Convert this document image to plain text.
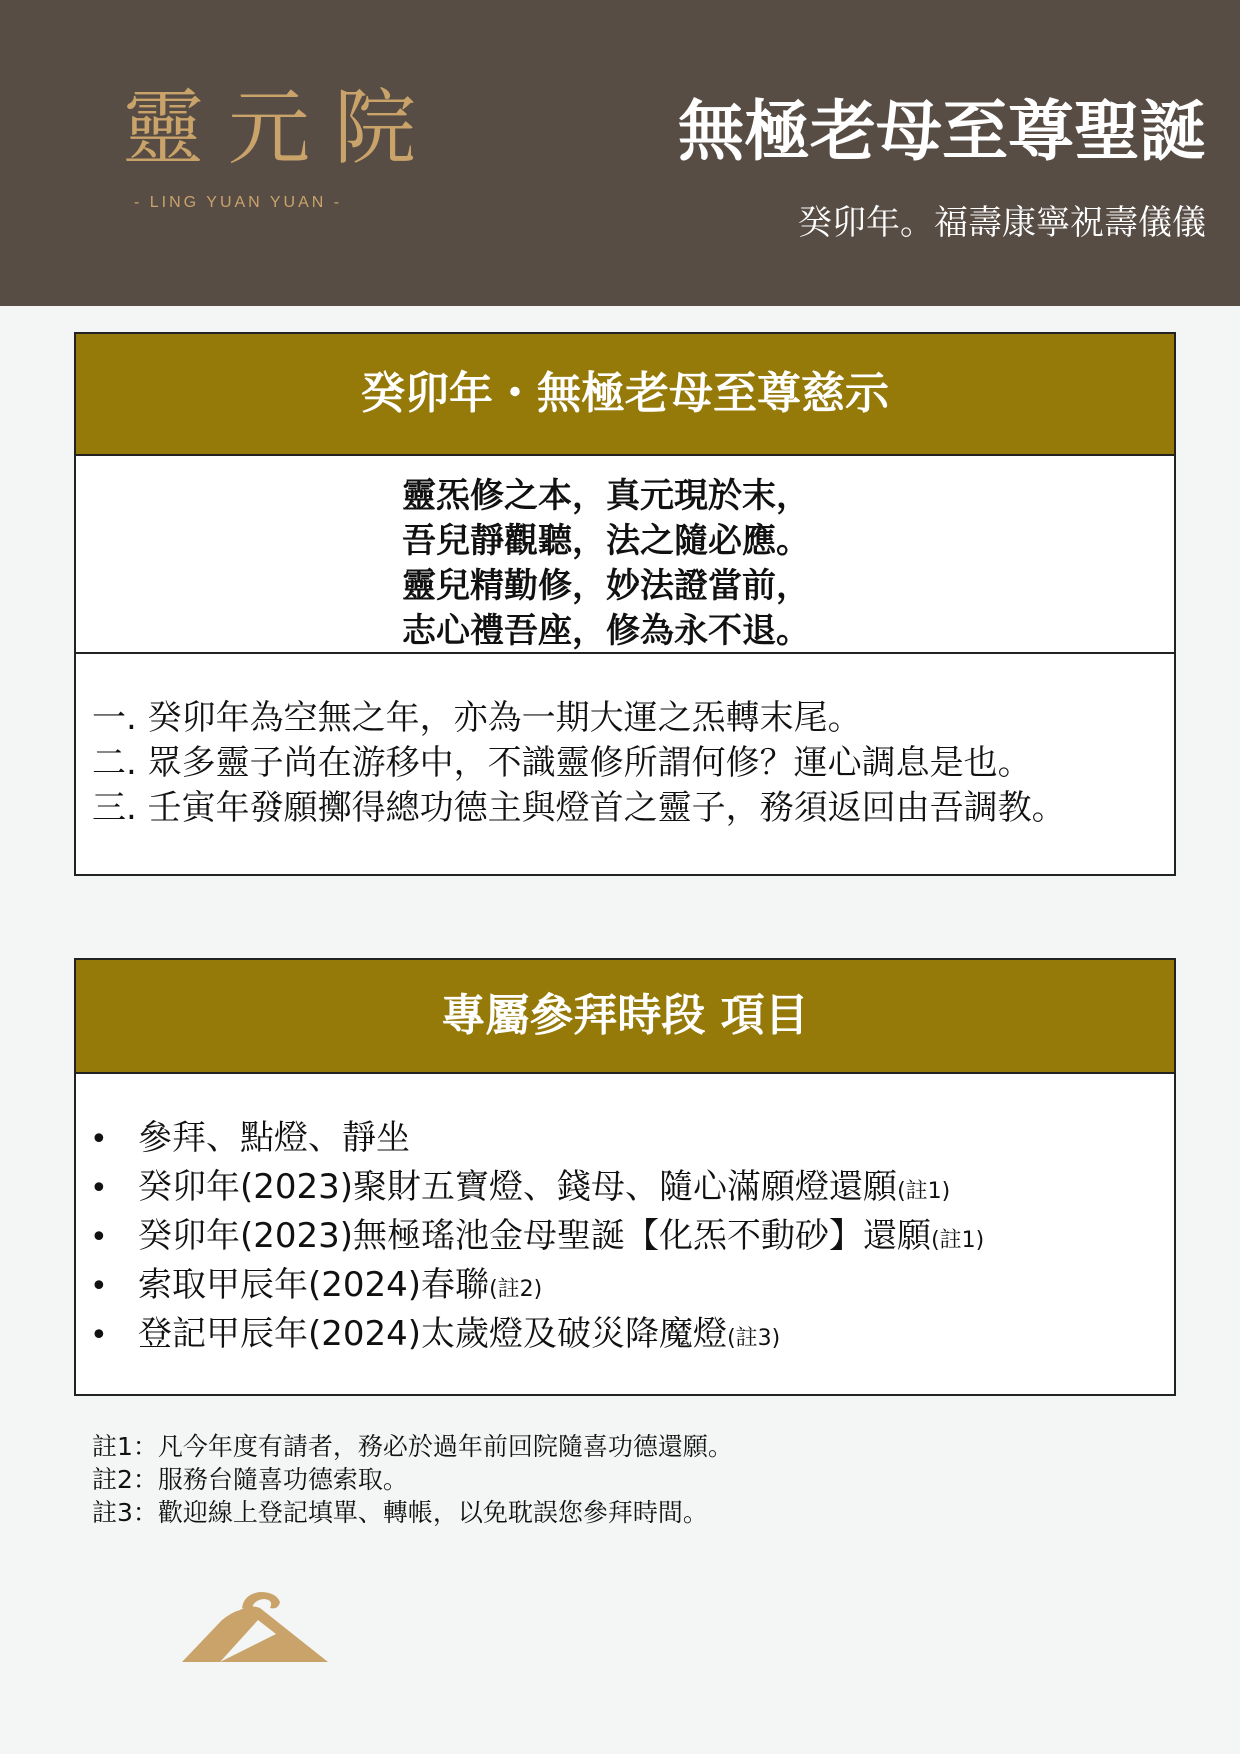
靈元院
- LING YUAN YUAN -
無極老母至尊聖誕
癸卯年。福壽康寧祝壽儀儀
癸卯年・無極老母至尊慈示
靈炁修之本，真元現於末，
吾兒靜觀聽，法之隨必應。
靈兒精勤修，妙法證當前，
志心禮吾座，修為永不退。
一. 癸卯年為空無之年，亦為一期大運之炁轉末尾。
二. 眾多靈子尚在游移中，不識靈修所謂何修？運心調息是也。
三. 壬寅年發願擲得總功德主與燈首之靈子，務須返回由吾調教。
專屬參拜時段 項目
• 參拜、點燈、靜坐
• 癸卯年(2023)聚財五寶燈、錢母、隨心滿願燈還願(註1)
• 癸卯年(2023)無極瑤池金母聖誕【化炁不動砂】還願(註1)
• 索取甲辰年(2024)春聯(註2)
• 登記甲辰年(2024)太歲燈及破災降魔燈(註3)
註1：凡今年度有請者，務必於過年前回院隨喜功德還願。
註2：服務台隨喜功德索取。
註3：歡迎線上登記填單、轉帳，以免耽誤您參拜時間。
